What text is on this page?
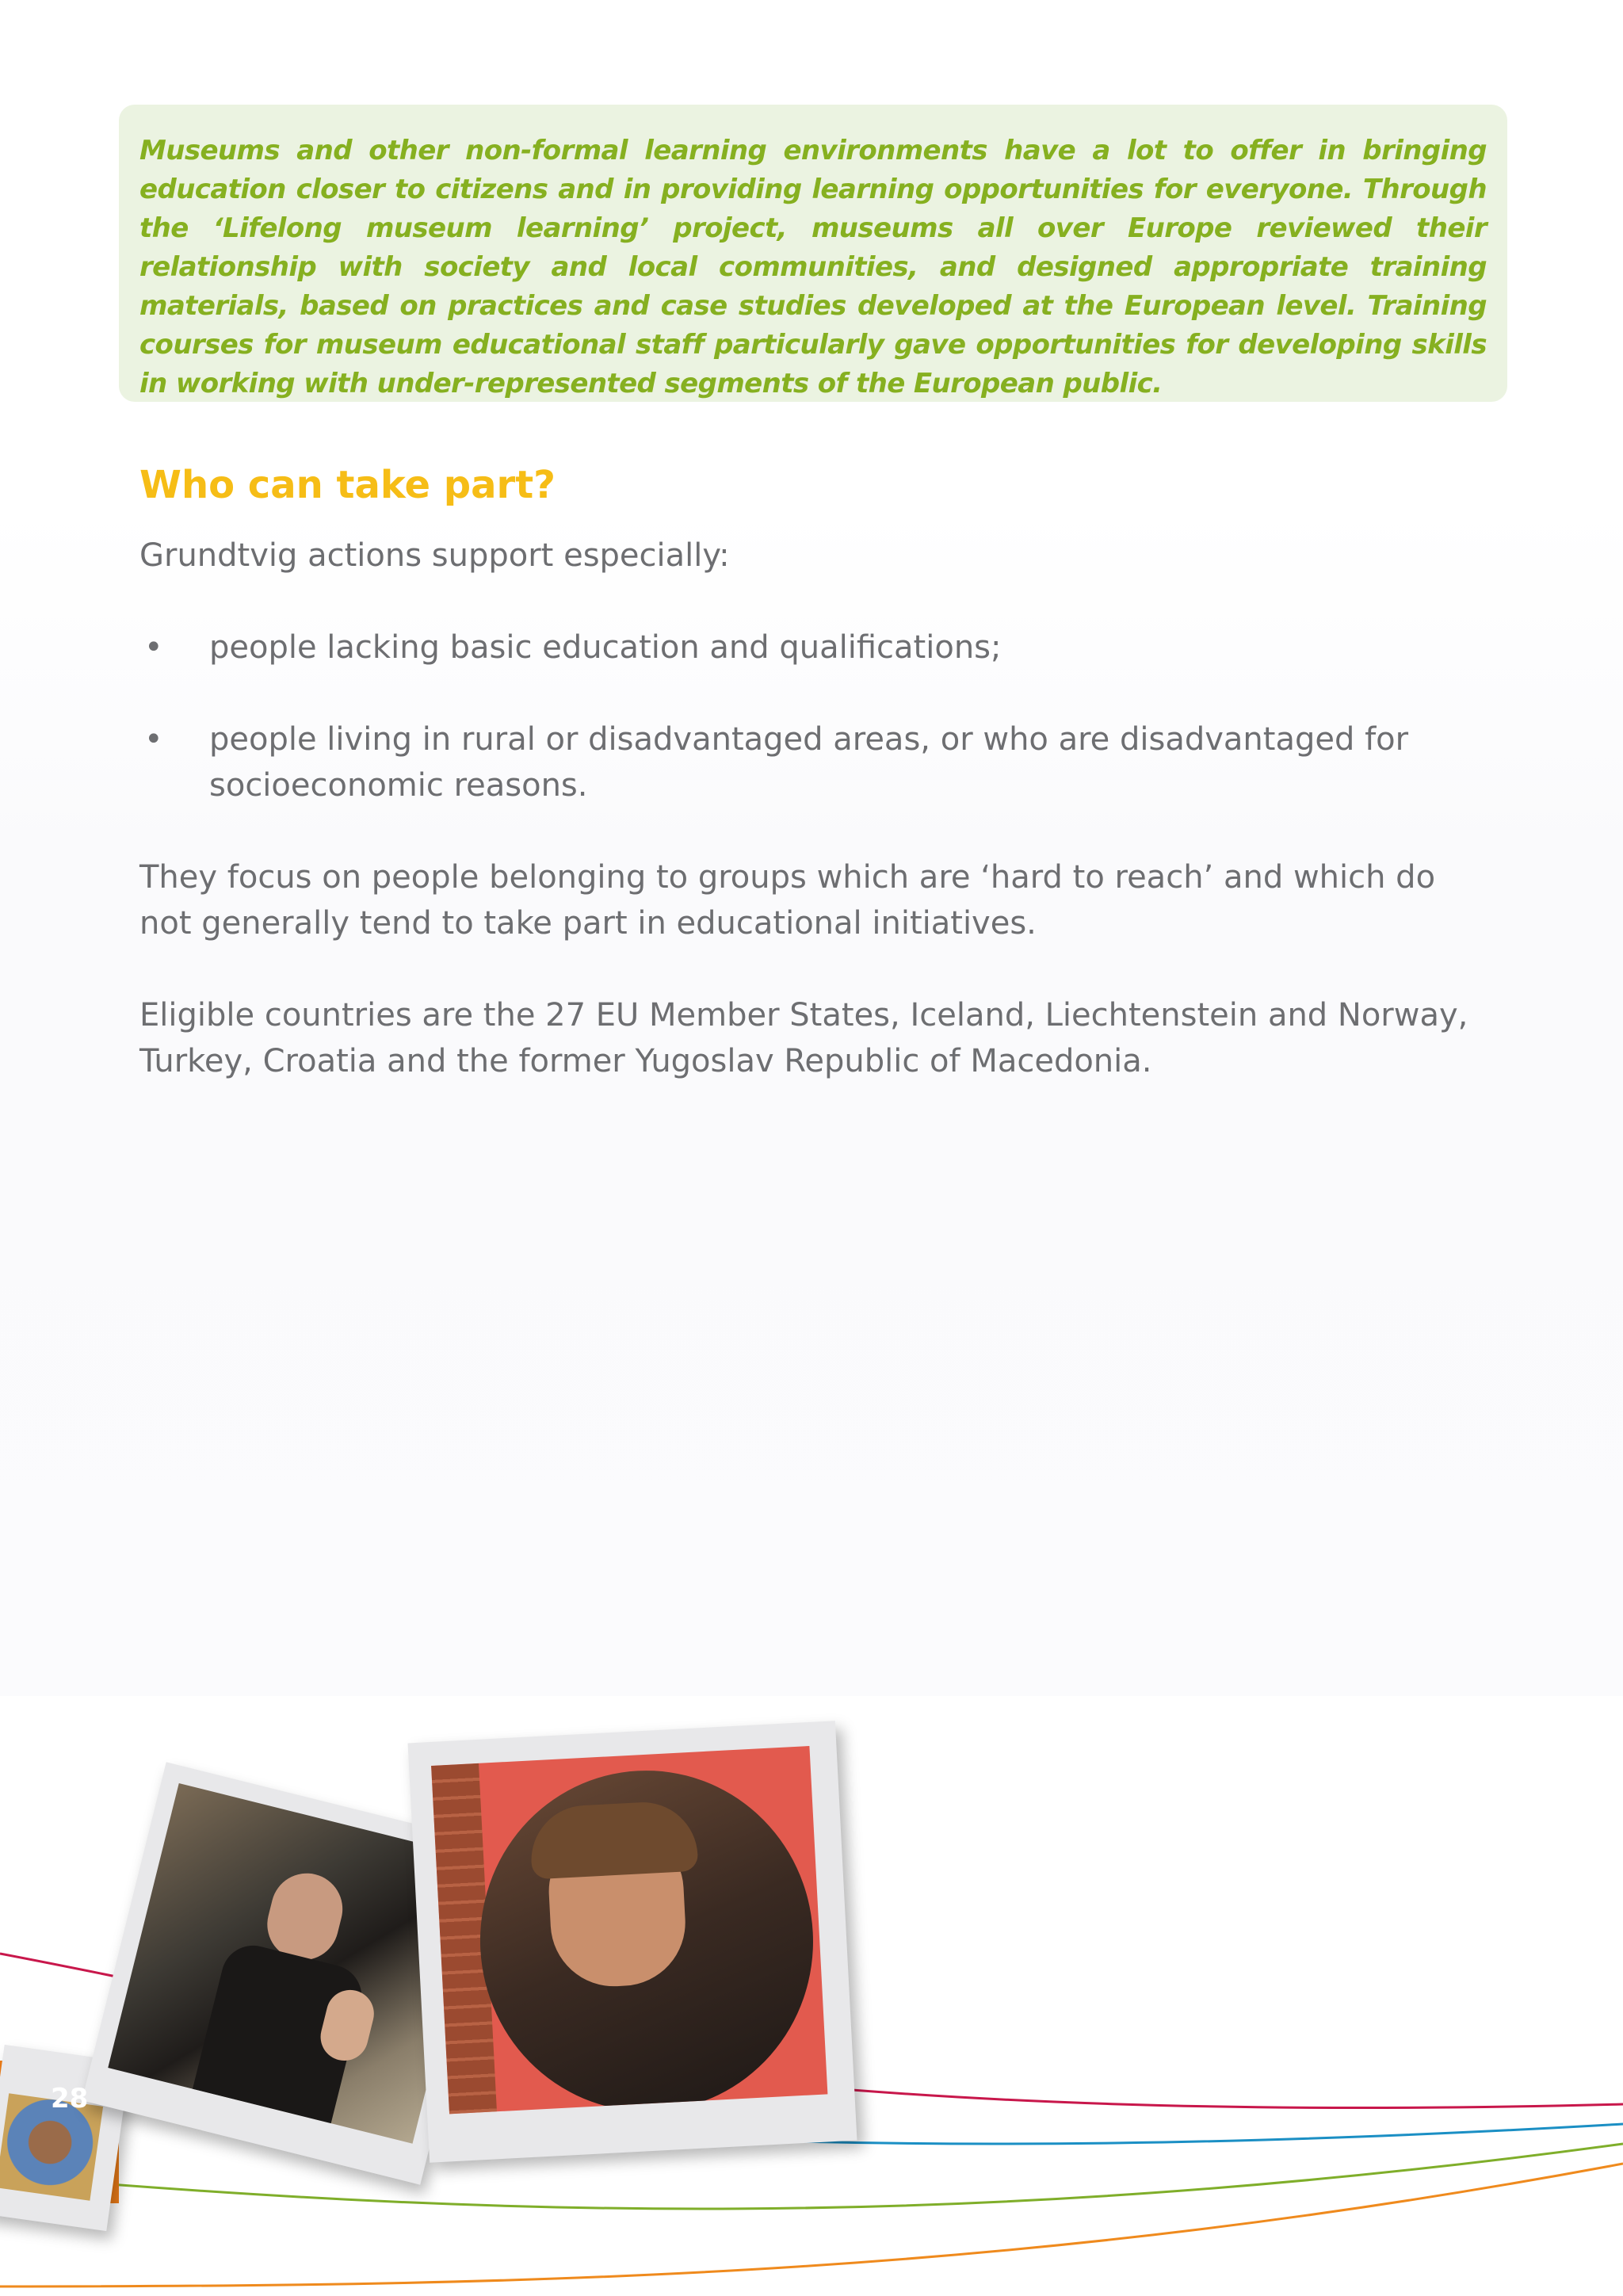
Museums and other non-formal learning environments have a lot to offer in bringing education closer to citizens and in providing learning opportunities for everyone. Through the ‘Lifelong museum learning’ project, museums all over Europe reviewed their relationship with society and local communities, and designed appropriate training materials, based on practices and case studies developed at the European level. Training courses for museum educational staff particularly gave opportunities for developing skills in working with under-represented segments of the European public.

Who can take part?

Grundtvig actions support especially:

• people lacking basic education and qualifications;
• people living in rural or disadvantaged areas, or who are disadvantaged for socioeconomic reasons.

They focus on people belonging to groups which are ‘hard to reach’ and which do not generally tend to take part in educational initiatives.

Eligible countries are the 27 EU Member States, Iceland, Liechtenstein and Norway, Turkey, Croatia and the former Yugoslav Republic of Macedonia.

28
